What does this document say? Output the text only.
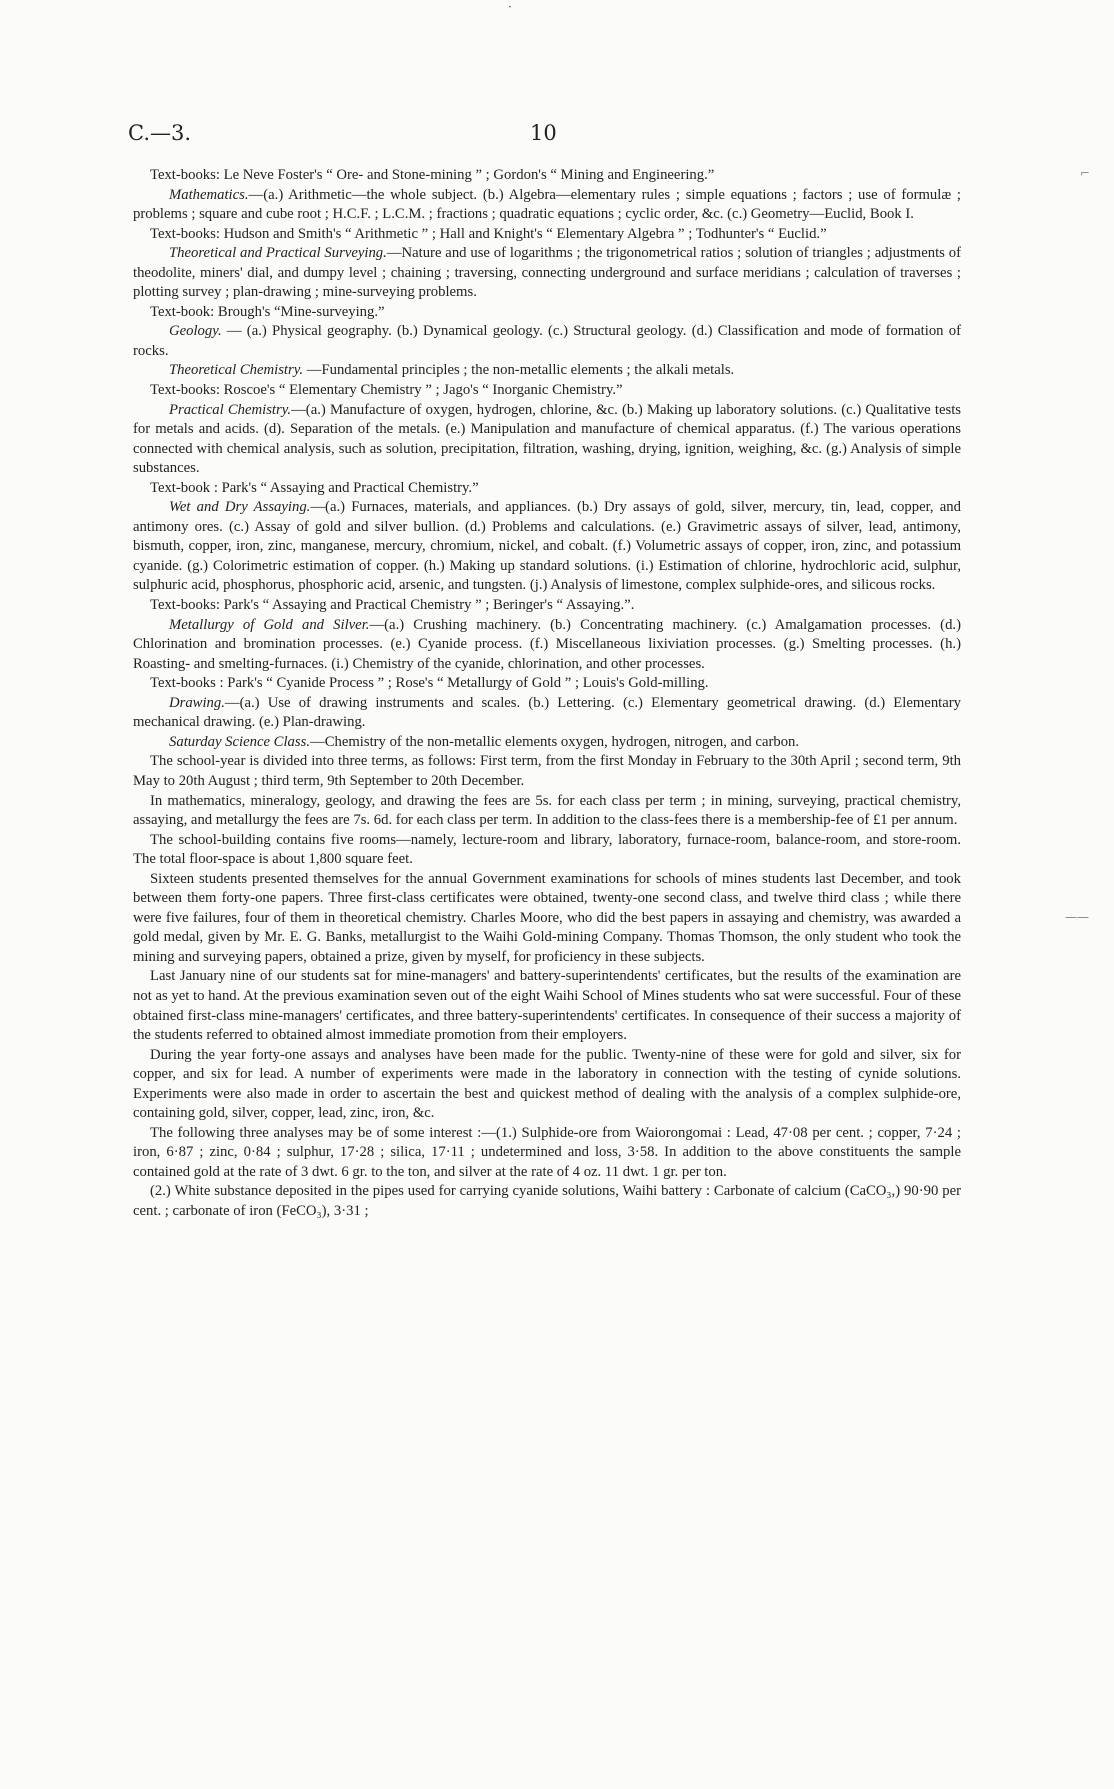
C.—3.	10

Text-books: Le Neve Foster's “ Ore- and Stone-mining ” ; Gordon's “ Mining and Engineering.”

Mathematics.—(a.) Arithmetic—the whole subject. (b.) Algebra—elementary rules ; simple equations ; factors ; use of formulæ ; problems ; square and cube root ; H.C.F. ; L.C.M. ; fractions ; quadratic equations ; cyclic order, &c. (c.) Geometry—Euclid, Book I.

Text-books: Hudson and Smith's “ Arithmetic ” ; Hall and Knight's “ Elementary Algebra ” ; Todhunter's “ Euclid.”

Theoretical and Practical Surveying.—Nature and use of logarithms ; the trigonometrical ratios ; solution of triangles ; adjustments of theodolite, miners' dial, and dumpy level ; chaining ; traversing, connecting underground and surface meridians ; calculation of traverses ; plotting survey ; plan-drawing ; mine-surveying problems.

Text-book: Brough's “Mine-surveying.”

Geology. — (a.) Physical geography. (b.) Dynamical geology. (c.) Structural geology. (d.) Classification and mode of formation of rocks.

Theoretical Chemistry. —Fundamental principles ; the non-metallic elements ; the alkali metals.

Text-books: Roscoe's “ Elementary Chemistry ” ; Jago's “ Inorganic Chemistry.”

Practical Chemistry.—(a.) Manufacture of oxygen, hydrogen, chlorine, &c. (b.) Making up laboratory solutions. (c.) Qualitative tests for metals and acids. (d). Separation of the metals. (e.) Manipulation and manufacture of chemical apparatus. (f.) The various operations connected with chemical analysis, such as solution, precipitation, filtration, washing, drying, ignition, weighing, &c. (g.) Analysis of simple substances.

Text-book : Park's “ Assaying and Practical Chemistry.”

Wet and Dry Assaying.—(a.) Furnaces, materials, and appliances. (b.) Dry assays of gold, silver, mercury, tin, lead, copper, and antimony ores. (c.) Assay of gold and silver bullion. (d.) Problems and calculations. (e.) Gravimetric assays of silver, lead, antimony, bismuth, copper, iron, zinc, manganese, mercury, chromium, nickel, and cobalt. (f.) Volumetric assays of copper, iron, zinc, and potassium cyanide. (g.) Colorimetric estimation of copper. (h.) Making up standard solutions. (i.) Estimation of chlorine, hydrochloric acid, sulphur, sulphuric acid, phosphorus, phosphoric acid, arsenic, and tungsten. (j.) Analysis of limestone, complex sulphide-ores, and silicous rocks.

Text-books: Park's “ Assaying and Practical Chemistry ” ; Beringer's “ Assaying.”.

Metallurgy of Gold and Silver.—(a.) Crushing machinery. (b.) Concentrating machinery. (c.) Amalgamation processes. (d.) Chlorination and bromination processes. (e.) Cyanide process. (f.) Miscellaneous lixiviation processes. (g.) Smelting processes. (h.) Roasting- and smelting-furnaces. (i.) Chemistry of the cyanide, chlorination, and other processes.

Text-books : Park's “ Cyanide Process ” ; Rose's “ Metallurgy of Gold ” ; Louis's Gold-milling.

Drawing.—(a.) Use of drawing instruments and scales. (b.) Lettering. (c.) Elementary geometrical drawing. (d.) Elementary mechanical drawing. (e.) Plan-drawing.

Saturday Science Class.—Chemistry of the non-metallic elements oxygen, hydrogen, nitrogen, and carbon.

The school-year is divided into three terms, as follows: First term, from the first Monday in February to the 30th April ; second term, 9th May to 20th August ; third term, 9th September to 20th December.

In mathematics, mineralogy, geology, and drawing the fees are 5s. for each class per term ; in mining, surveying, practical chemistry, assaying, and metallurgy the fees are 7s. 6d. for each class per term. In addition to the class-fees there is a membership-fee of £1 per annum.

The school-building contains five rooms—namely, lecture-room and library, laboratory, furnace-room, balance-room, and store-room. The total floor-space is about 1,800 square feet.

Sixteen students presented themselves for the annual Government examinations for schools of mines students last December, and took between them forty-one papers. Three first-class certificates were obtained, twenty-one second class, and twelve third class ; while there were five failures, four of them in theoretical chemistry. Charles Moore, who did the best papers in assaying and chemistry, was awarded a gold medal, given by Mr. E. G. Banks, metallurgist to the Waihi Gold-mining Company. Thomas Thomson, the only student who took the mining and surveying papers, obtained a prize, given by myself, for proficiency in these subjects.

Last January nine of our students sat for mine-managers' and battery-superintendents' certificates, but the results of the examination are not as yet to hand. At the previous examination seven out of the eight Waihi School of Mines students who sat were successful. Four of these obtained first-class mine-managers' certificates, and three battery-superintendents' certificates. In consequence of their success a majority of the students referred to obtained almost immediate promotion from their employers.

During the year forty-one assays and analyses have been made for the public. Twenty-nine of these were for gold and silver, six for copper, and six for lead. A number of experiments were made in the laboratory in connection with the testing of cynide solutions. Experiments were also made in order to ascertain the best and quickest method of dealing with the analysis of a complex sulphide-ore, containing gold, silver, copper, lead, zinc, iron, &c.

The following three analyses may be of some interest :—(1.) Sulphide-ore from Waiorongomai : Lead, 47·08 per cent. ; copper, 7·24 ; iron, 6·87 ; zinc, 0·84 ; sulphur, 17·28 ; silica, 17·11 ; undetermined and loss, 3·58. In addition to the above constituents the sample contained gold at the rate of 3 dwt. 6 gr. to the ton, and silver at the rate of 4 oz. 11 dwt. 1 gr. per ton.

(2.) White substance deposited in the pipes used for carrying cyanide solutions, Waihi battery : Carbonate of calcium (CaCO₃,) 90·90 per cent. ; carbonate of iron (FeCO₃), 3·31 ;

⌐
——
·
